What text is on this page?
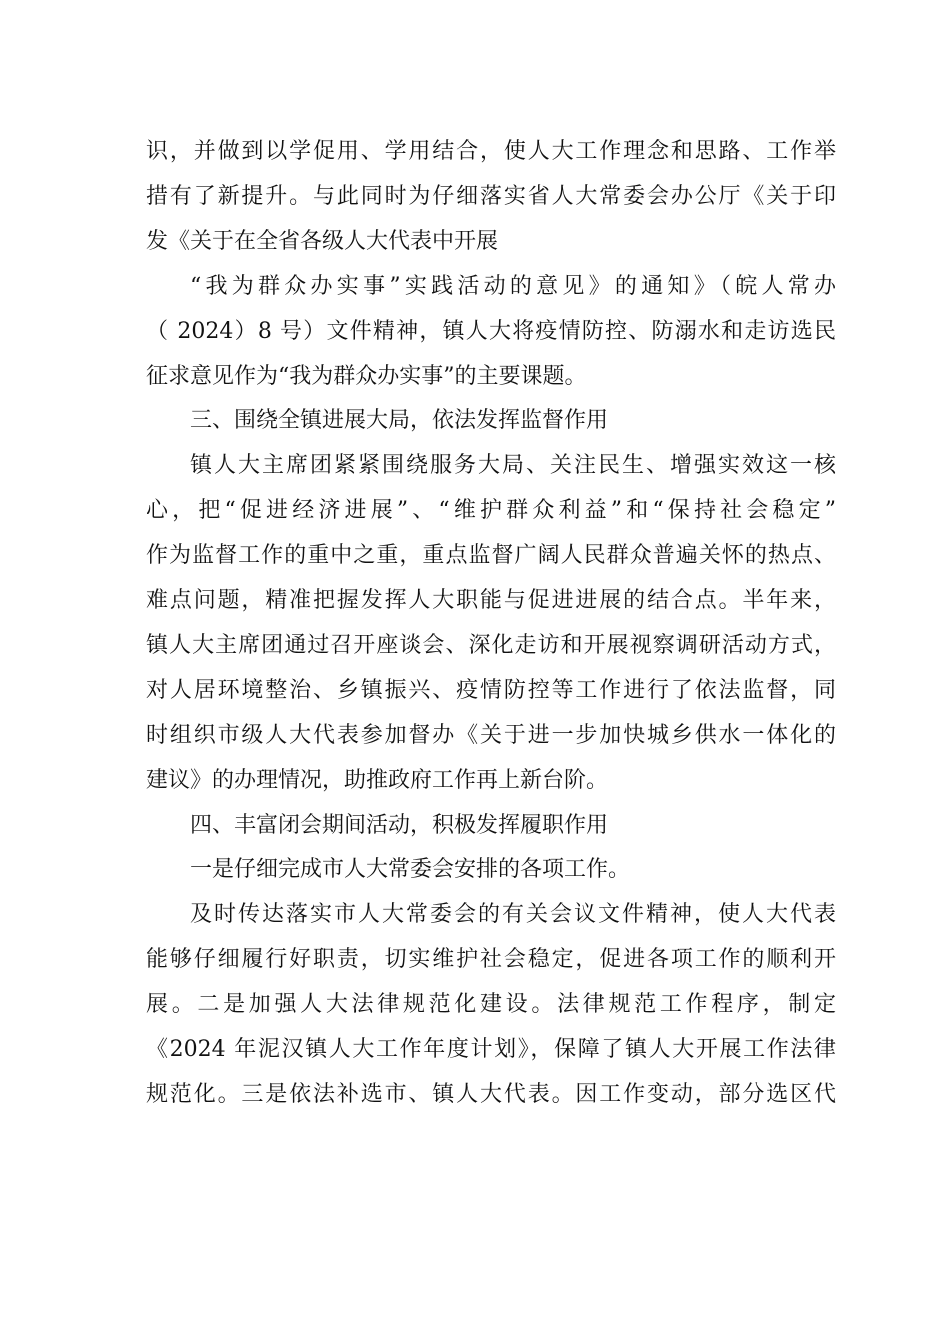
识，并做到以学促用、学用结合，使人大工作理念和思路、工作举
措有了新提升。与此同时为仔细落实省人大常委会办公厅《关于印
发《关于在全省各级人大代表中开展
“我为群众办实事”实践活动的意见》的通知》（皖人常办
（ 2024）8 号）文件精神，镇人大将疫情防控、防溺水和走访选民
征求意见作为“我为群众办实事”的主要课题。
三、围绕全镇进展大局，依法发挥监督作用
镇人大主席团紧紧围绕服务大局、关注民生、增强实效这一核
心，把“促进经济进展”、“维护群众利益”和“保持社会稳定”
作为监督工作的重中之重，重点监督广阔人民群众普遍关怀的热点、
难点问题，精准把握发挥人大职能与促进进展的结合点。半年来，
镇人大主席团通过召开座谈会、深化走访和开展视察调研活动方式，
对人居环境整治、乡镇振兴、疫情防控等工作进行了依法监督，同
时组织市级人大代表参加督办《关于进一步加快城乡供水一体化的
建议》的办理情况，助推政府工作再上新台阶。
四、丰富闭会期间活动，积极发挥履职作用
一是仔细完成市人大常委会安排的各项工作。
及时传达落实市人大常委会的有关会议文件精神，使人大代表
能够仔细履行好职责，切实维护社会稳定，促进各项工作的顺利开
展。二是加强人大法律规范化建设。法律规范工作程序，制定
《2024 年泥汉镇人大工作年度计划》，保障了镇人大开展工作法律
规范化。三是依法补选市、镇人大代表。因工作变动，部分选区代
